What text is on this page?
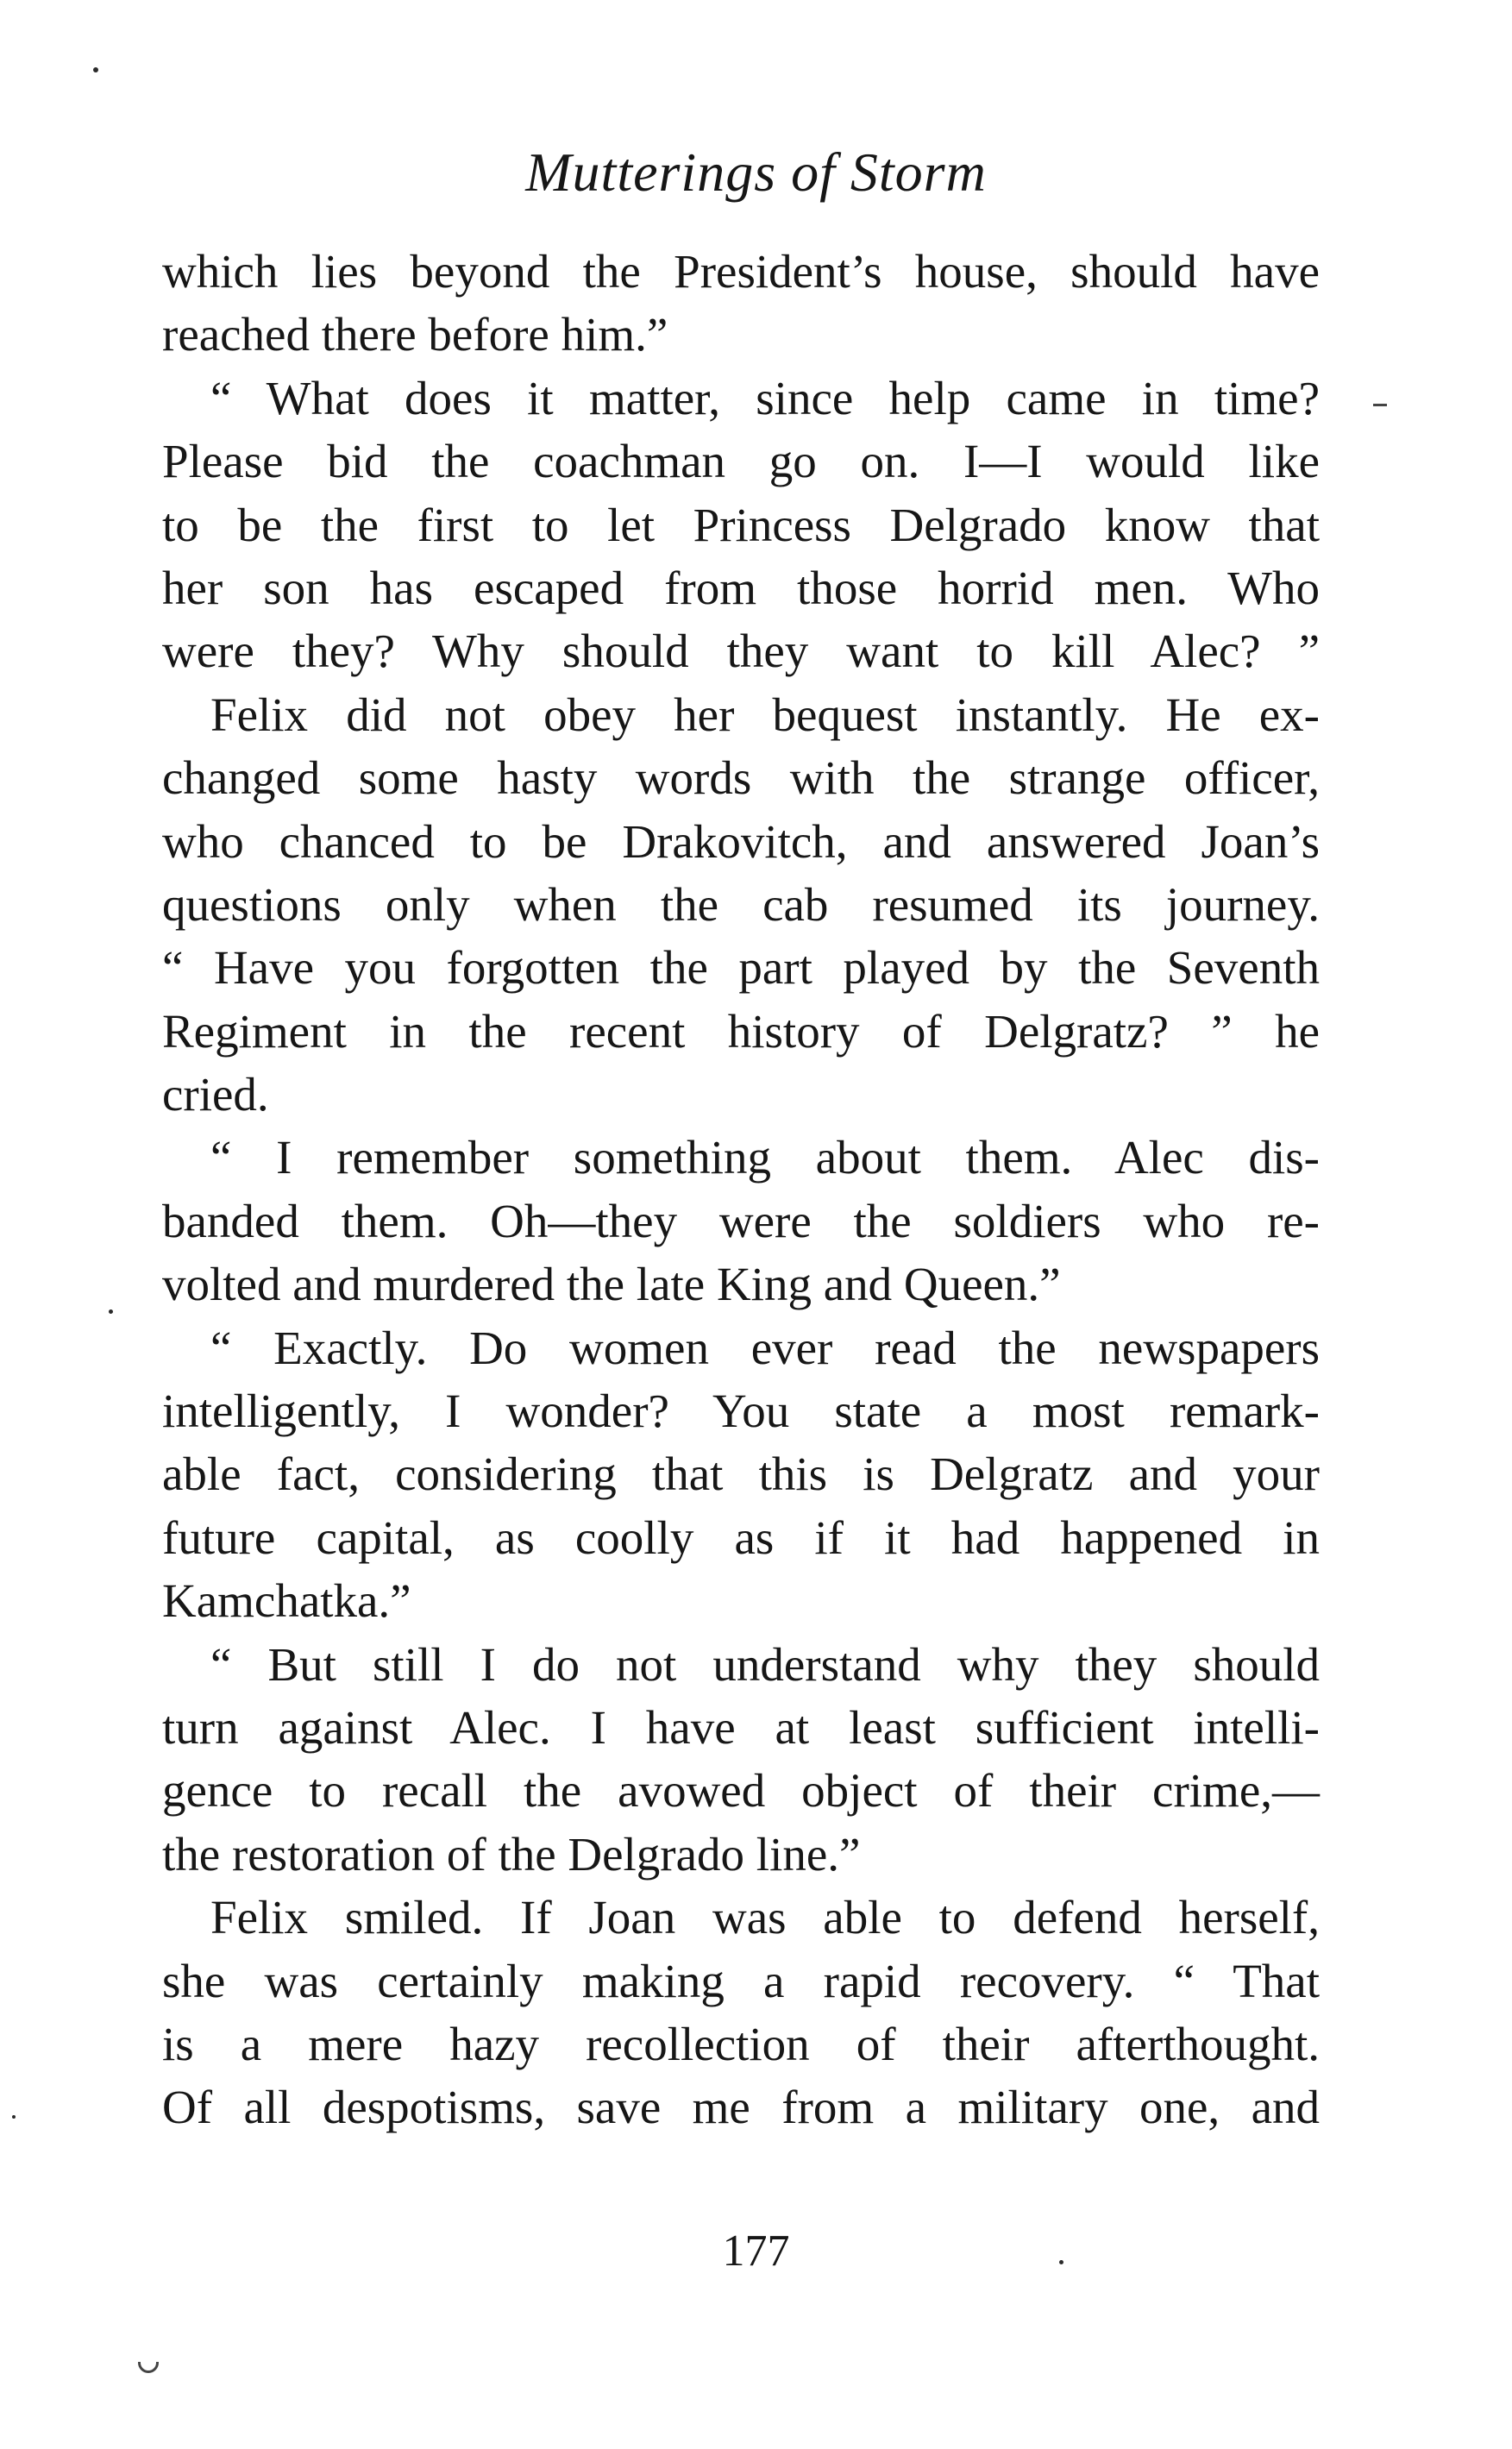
Mutterings of Storm
which lies beyond the President’s house, should have
reached there before him.”
“ What does it matter, since help came in time?
Please bid the coachman go on. I—I would like
to be the first to let Princess Delgrado know that
her son has escaped from those horrid men. Who
were they? Why should they want to kill Alec? ”
Felix did not obey her bequest instantly. He ex-
changed some hasty words with the strange officer,
who chanced to be Drakovitch, and answered Joan’s
questions only when the cab resumed its journey.
“ Have you forgotten the part played by the Seventh
Regiment in the recent history of Delgratz? ” he
cried.
“ I remember something about them. Alec dis-
banded them. Oh—they were the soldiers who re-
volted and murdered the late King and Queen.”
“ Exactly. Do women ever read the newspapers
intelligently, I wonder? You state a most remark-
able fact, considering that this is Delgratz and your
future capital, as coolly as if it had happened in
Kamchatka.”
“ But still I do not understand why they should
turn against Alec. I have at least sufficient intelli-
gence to recall the avowed object of their crime,—
the restoration of the Delgrado line.”
Felix smiled. If Joan was able to defend herself,
she was certainly making a rapid recovery. “ That
is a mere hazy recollection of their afterthought.
Of all despotisms, save me from a military one, and
177
